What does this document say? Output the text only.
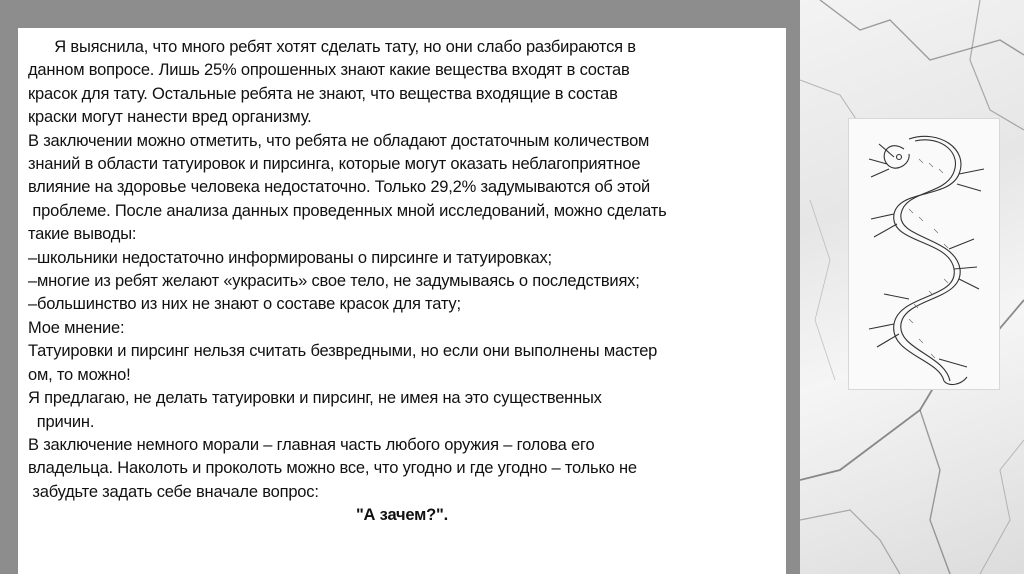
Я выяснила, что много ребят хотят сделать тату, но они слабо разбираются в
данном вопросе. Лишь 25% опрошенных знают какие вещества входят в состав
красок для тату. Остальные ребята не знают, что вещества входящие в состав
краски могут нанести вред организму.
В заключении можно отметить, что ребята не обладают достаточным количеством
знаний в области татуировок и пирсинга, которые могут оказать неблагоприятное
влияние на здоровье человека недостаточно. Только 29,2% задумываются об этой
проблеме. После анализа данных проведенных мной исследований, можно сделать
такие выводы:
–школьники недостаточно информированы о пирсинге и татуировках;
–многие из ребят желают «украсить» свое тело, не задумываясь о последствиях;
–большинство из них не знают о составе красок для тату;
Мое мнение:
Татуировки и пирсинг нельзя считать безвредными, но если они выполнены мастер
ом, то можно!
Я предлагаю, не делать татуировки и пирсинг, не имея на это существенных
причин.
В заключение немного морали – главная часть любого оружия – голова его
владельца. Наколоть и проколоть можно все, что угодно и где угодно – только не
забудьте задать себе вначале вопрос:
"А зачем?".
